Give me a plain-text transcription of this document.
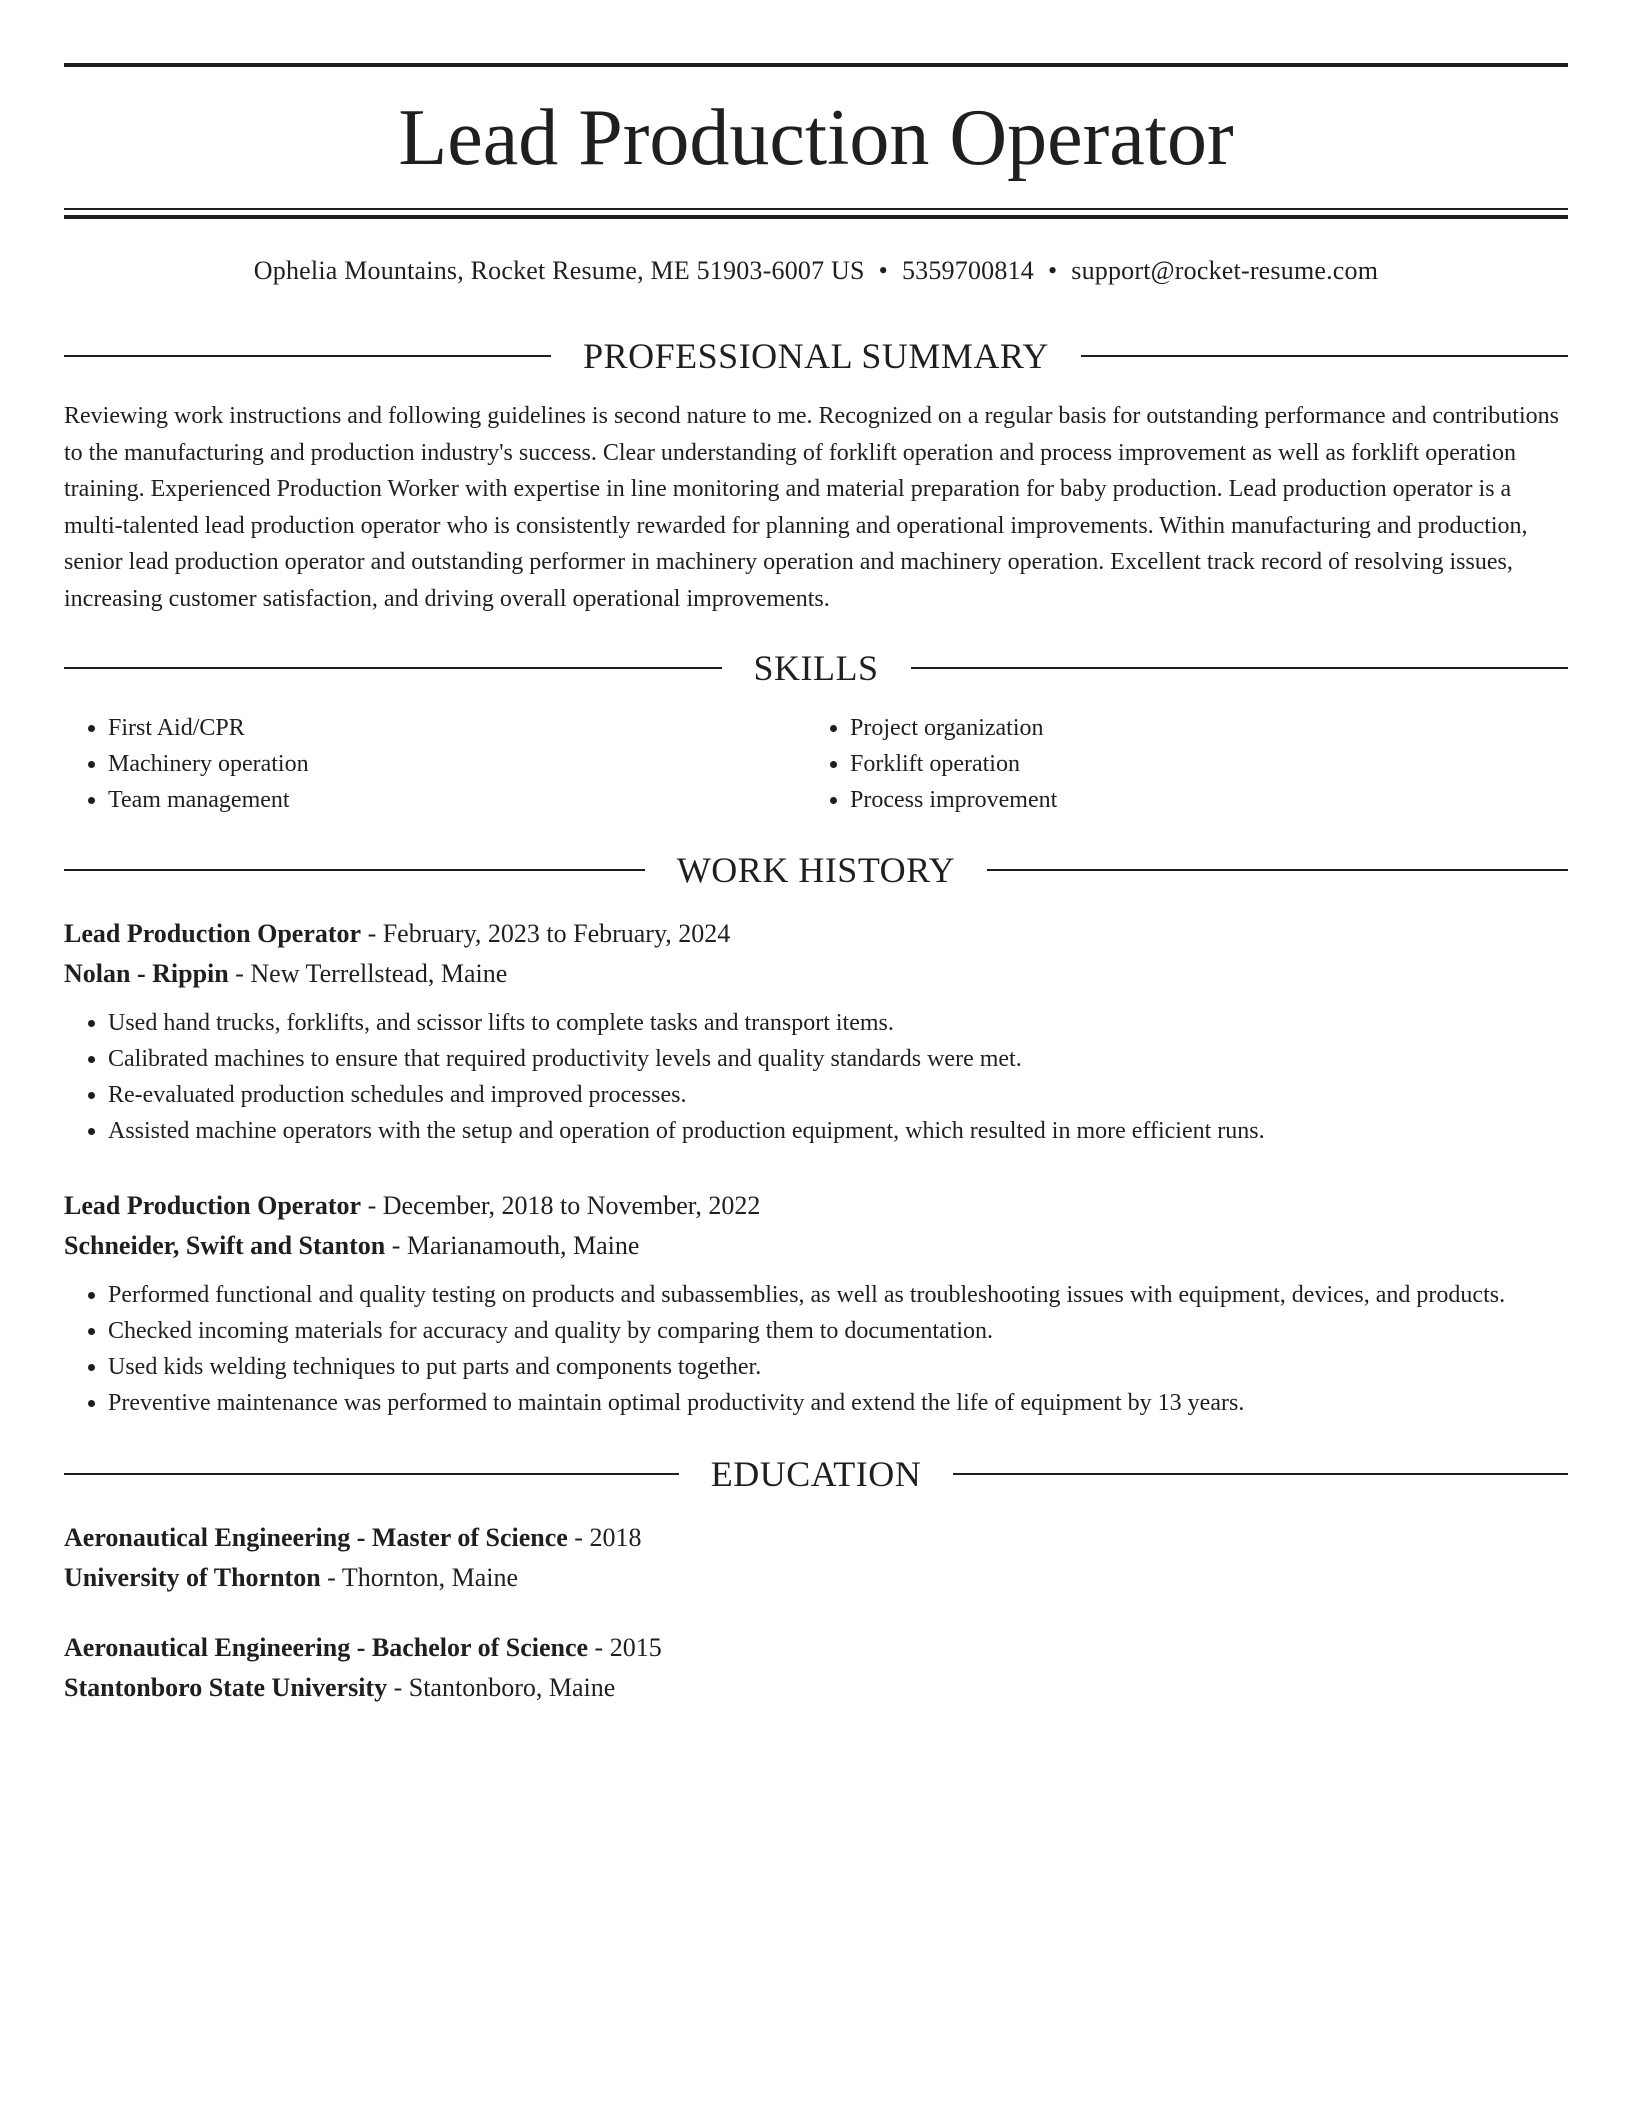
Lead Production Operator
Ophelia Mountains, Rocket Resume, ME 51903-6007 US • 5359700814 • support@rocket-resume.com
PROFESSIONAL SUMMARY

Reviewing work instructions and following guidelines is second nature to me. Recognized on a regular basis for outstanding performance and contributions to the manufacturing and production industry's success. Clear understanding of forklift operation and process improvement as well as forklift operation training. Experienced Production Worker with expertise in line monitoring and material preparation for baby production. Lead production operator is a multi-talented lead production operator who is consistently rewarded for planning and operational improvements. Within manufacturing and production, senior lead production operator and outstanding performer in machinery operation and machinery operation. Excellent track record of resolving issues, increasing customer satisfaction, and driving overall operational improvements.

SKILLS
• First Aid/CPR
• Machinery operation
• Team management
• Project organization
• Forklift operation
• Process improvement
WORK HISTORY
Lead Production Operator - February, 2023 to February, 2024
Nolan - Rippin - New Terrellstead, Maine
• Used hand trucks, forklifts, and scissor lifts to complete tasks and transport items.
• Calibrated machines to ensure that required productivity levels and quality standards were met.
• Re-evaluated production schedules and improved processes.
• Assisted machine operators with the setup and operation of production equipment, which resulted in more efficient runs.
Lead Production Operator - December, 2018 to November, 2022
Schneider, Swift and Stanton - Marianamouth, Maine
• Performed functional and quality testing on products and subassemblies, as well as troubleshooting issues with equipment, devices, and products.
• Checked incoming materials for accuracy and quality by comparing them to documentation.
• Used kids welding techniques to put parts and components together.
• Preventive maintenance was performed to maintain optimal productivity and extend the life of equipment by 13 years.
EDUCATION
Aeronautical Engineering - Master of Science - 2018
University of Thornton - Thornton, Maine
Aeronautical Engineering - Bachelor of Science - 2015
Stantonboro State University - Stantonboro, Maine
